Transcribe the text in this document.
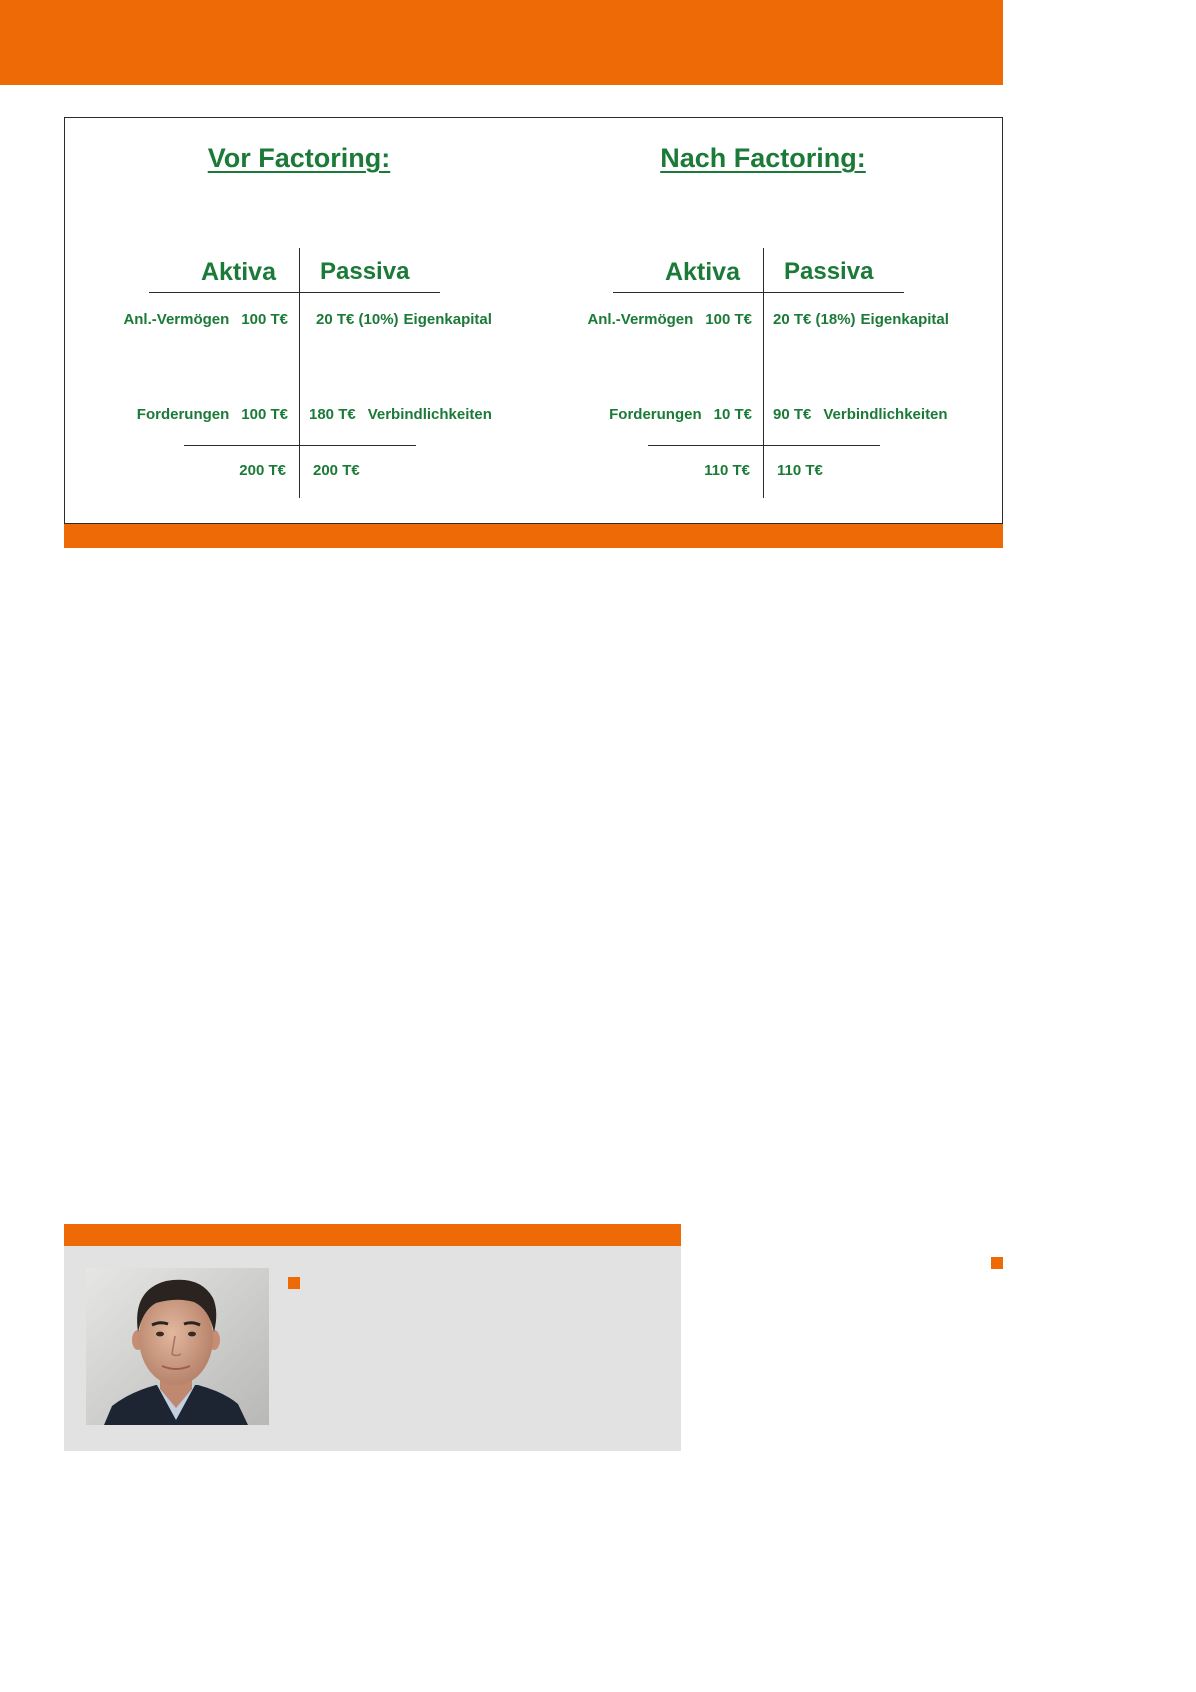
Vor Factoring:
Aktiva Passiva
Anl.-Vermögen 100 T€ 20 T€ (10%) Eigenkapital
Forderungen 100 T€ 180 T€ Verbindlichkeiten
200 T€ 200 T€
Nach Factoring:
Aktiva Passiva
Anl.-Vermögen 100 T€ 20 T€ (18%) Eigenkapital
Forderungen 10 T€ 90 T€ Verbindlichkeiten
110 T€ 110 T€
